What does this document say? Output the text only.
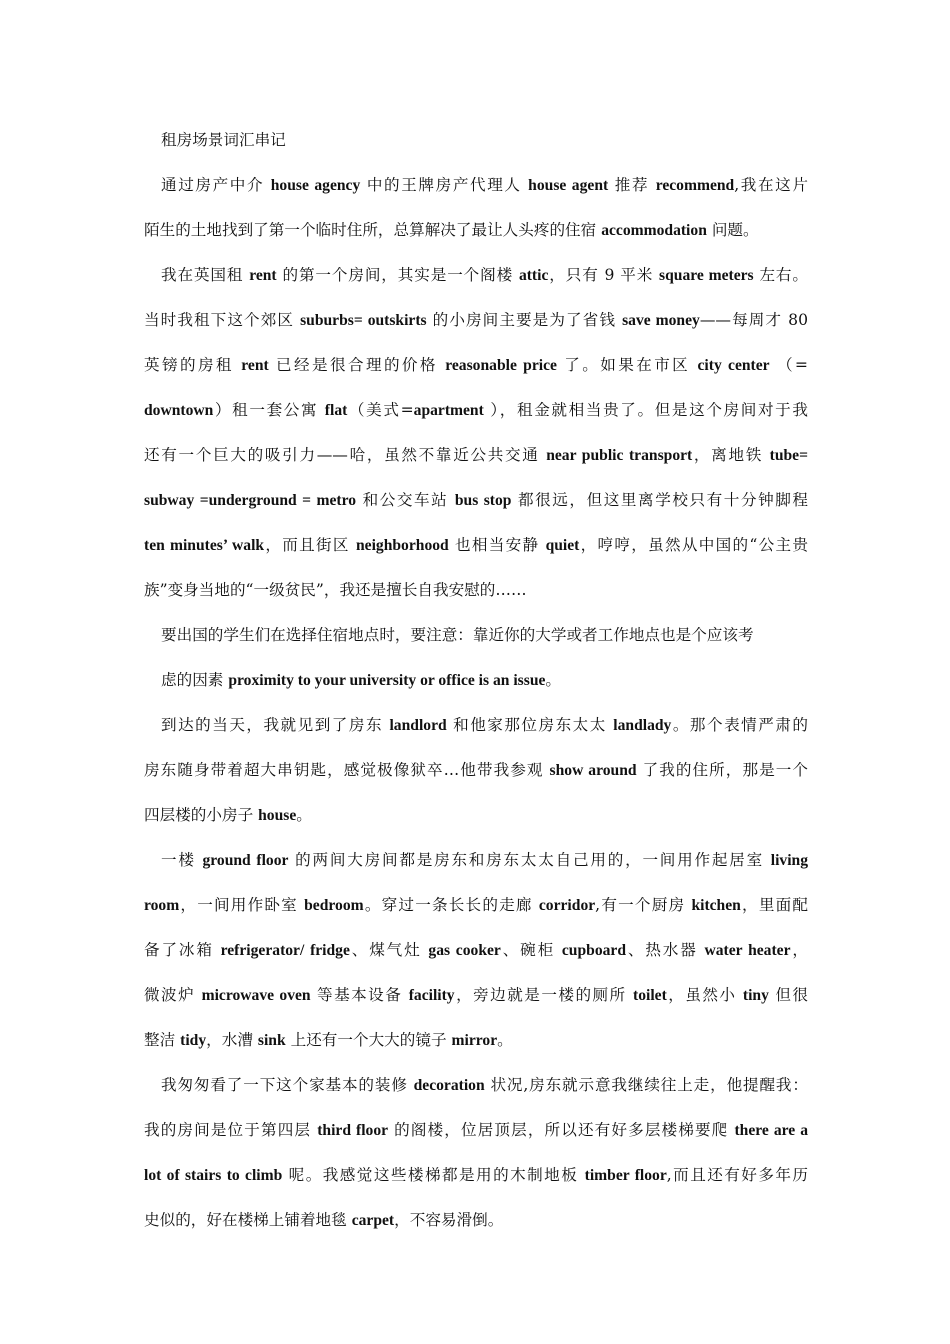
租房场景词汇串记
通过房产中介 house agency 中的王牌房产代理人 house agent 推荐 recommend,我在这片
陌生的土地找到了第一个临时住所，总算解决了最让人头疼的住宿 accommodation 问题。
我在英国租 rent 的第一个房间，其实是一个阁楼 attic，只有 9 平米 square meters 左右。
当时我租下这个郊区 suburbs= outskirts 的小房间主要是为了省钱 save money——每周才 80
英镑的房租 rent 已经是很合理的价格 reasonable price 了。如果在市区 city center （=
downtown）租一套公寓 flat（美式=apartment ），租金就相当贵了。但是这个房间对于我
还有一个巨大的吸引力——哈，虽然不靠近公共交通 near public transport，离地铁 tube=
subway =underground = metro 和公交车站 bus stop 都很远，但这里离学校只有十分钟脚程
ten minutes’ walk，而且街区 neighborhood 也相当安静 quiet，哼哼，虽然从中国的“公主贵
族”变身当地的“一级贫民”，我还是擅长自我安慰的……
要出国的学生们在选择住宿地点时，要注意：靠近你的大学或者工作地点也是个应该考
虑的因素 proximity to your university or office is an issue。
到达的当天，我就见到了房东 landlord 和他家那位房东太太 landlady。那个表情严肃的
房东随身带着超大串钥匙，感觉极像狱卒…他带我参观 show around 了我的住所，那是一个
四层楼的小房子 house。
一楼 ground floor 的两间大房间都是房东和房东太太自己用的，一间用作起居室 living
room，一间用作卧室 bedroom。穿过一条长长的走廊 corridor,有一个厨房 kitchen，里面配
备了冰箱 refrigerator/ fridge、煤气灶 gas cooker、碗柜 cupboard、热水器 water heater，
微波炉 microwave oven 等基本设备 facility，旁边就是一楼的厕所 toilet，虽然小 tiny 但很
整洁 tidy，水漕 sink 上还有一个大大的镜子 mirror。
我匆匆看了一下这个家基本的装修 decoration 状况,房东就示意我继续往上走，他提醒我：
我的房间是位于第四层 third floor 的阁楼，位居顶层，所以还有好多层楼梯要爬 there are a
lot of stairs to climb 呢。我感觉这些楼梯都是用的木制地板 timber floor,而且还有好多年历
史似的，好在楼梯上铺着地毯 carpet，不容易滑倒。
